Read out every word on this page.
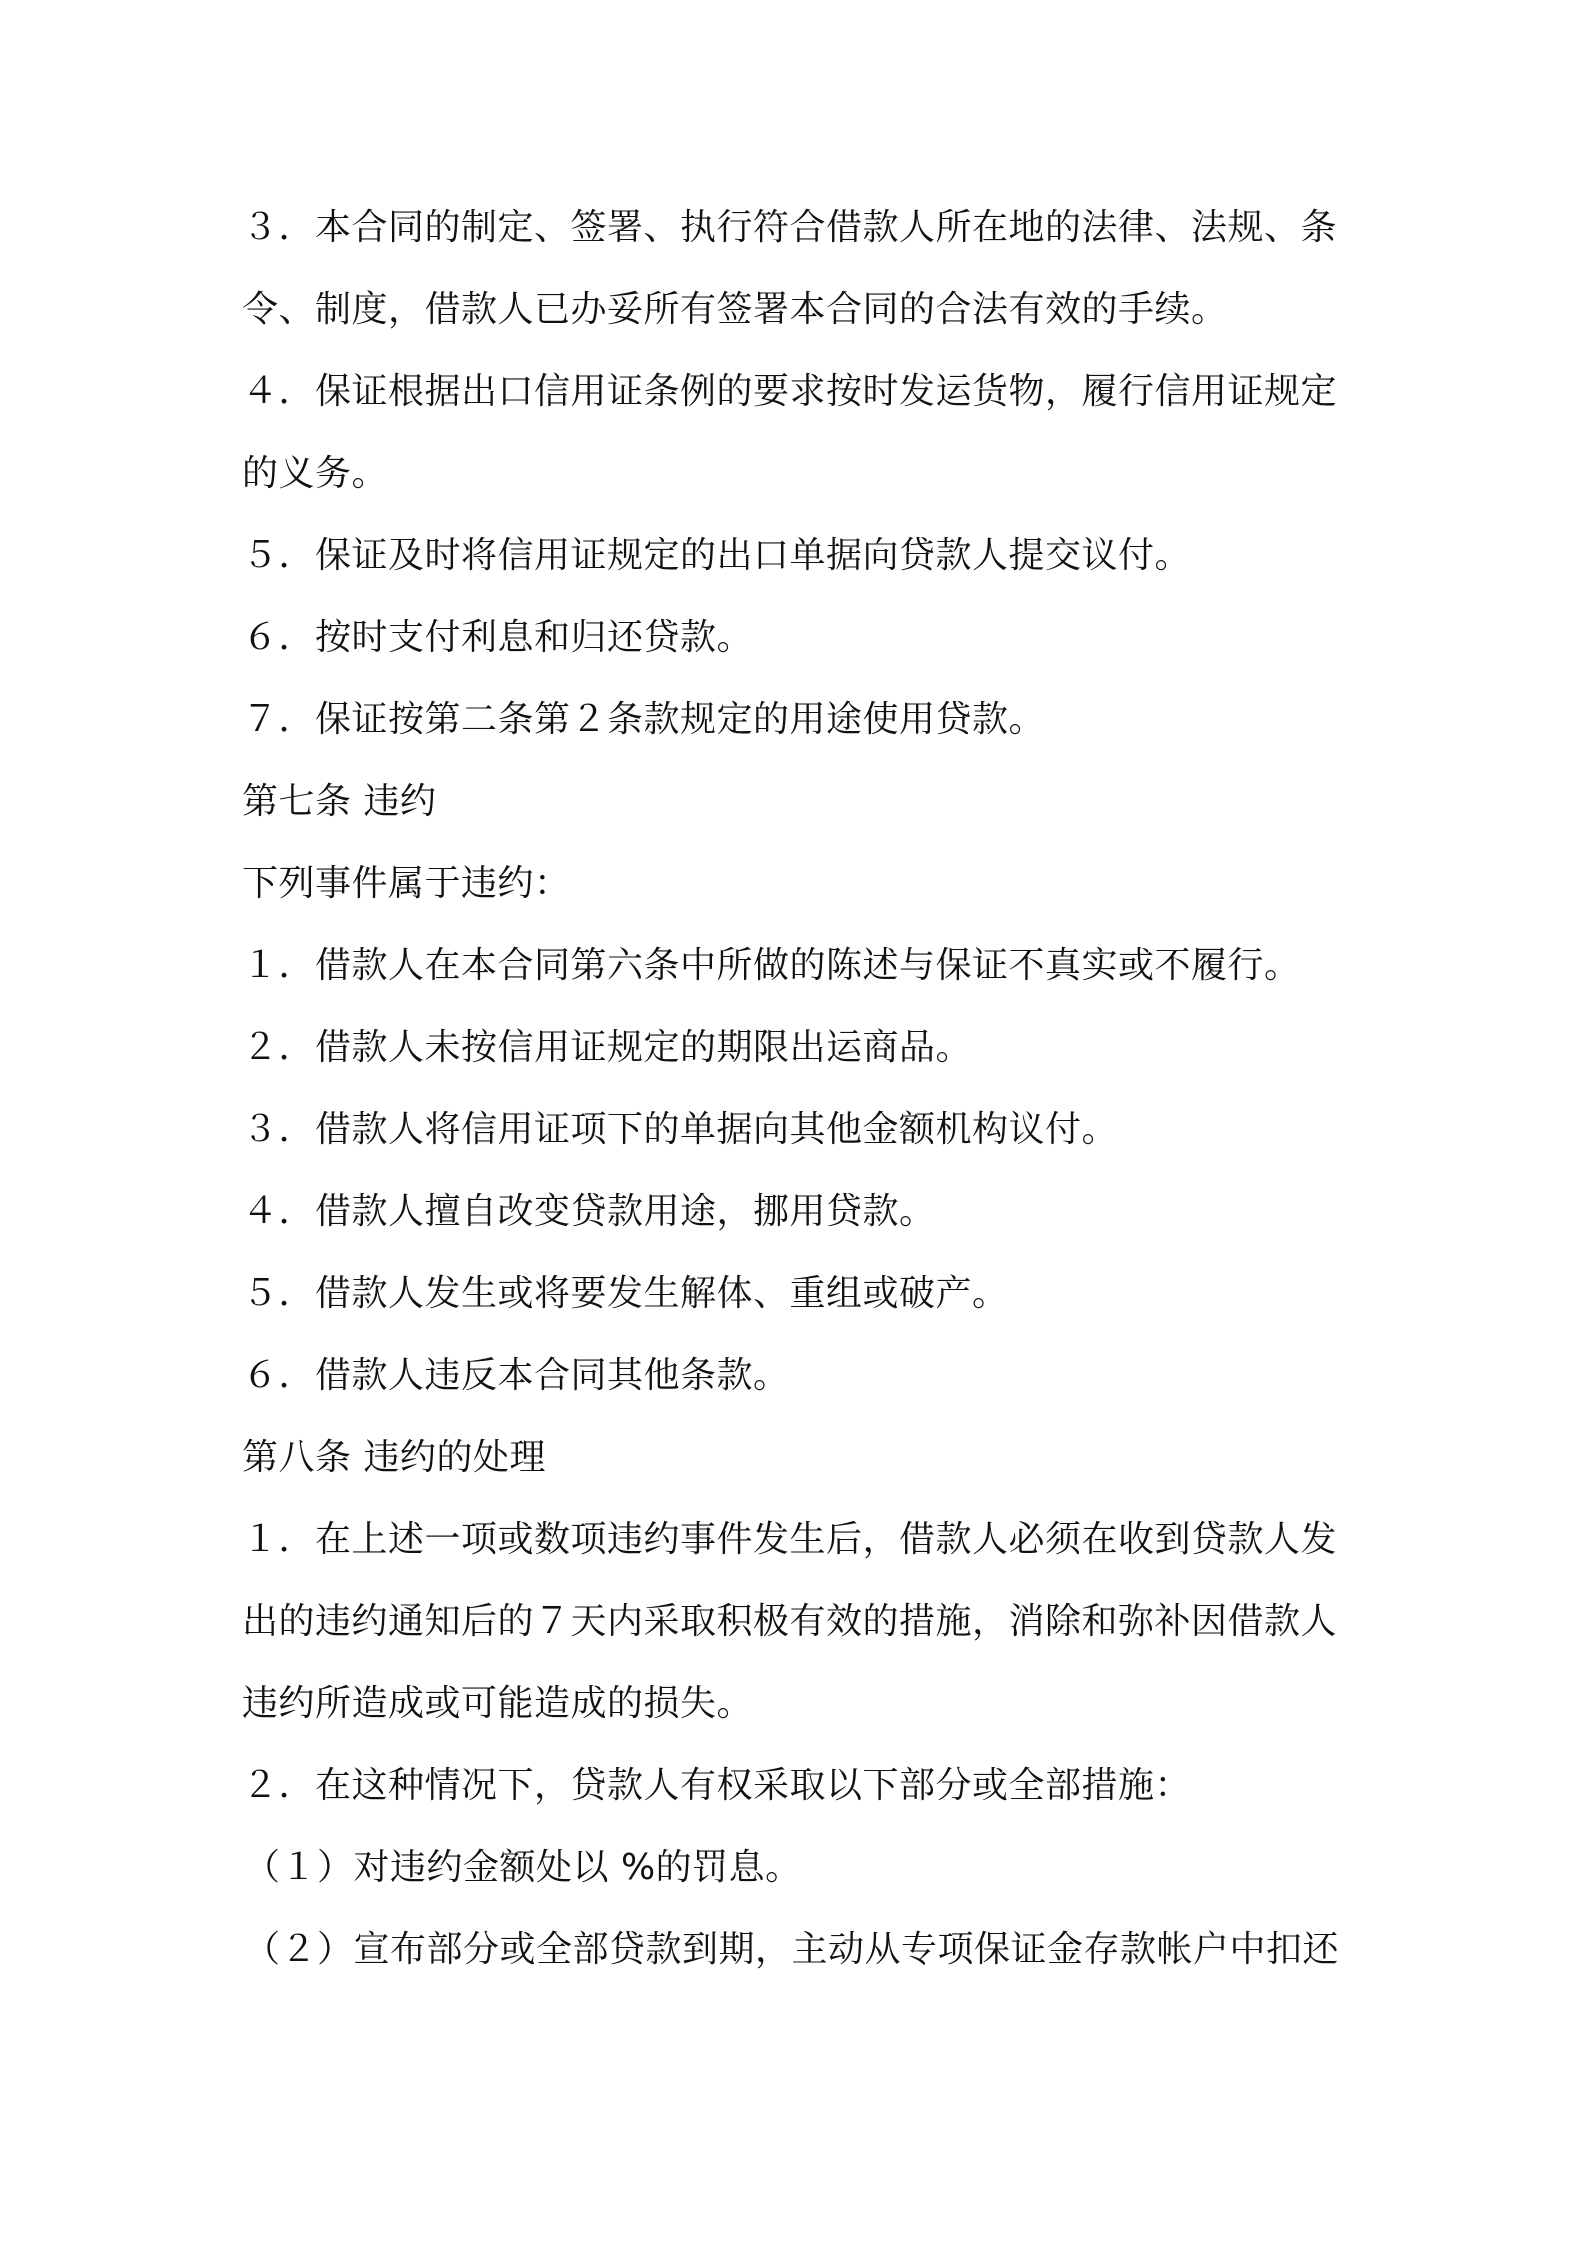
３．本合同的制定、签署、执行符合借款人所在地的法律、法规、条
令、制度，借款人已办妥所有签署本合同的合法有效的手续。
４．保证根据出口信用证条例的要求按时发运货物，履行信用证规定
的义务。
５．保证及时将信用证规定的出口单据向贷款人提交议付。
６．按时支付利息和归还贷款。
７．保证按第二条第２条款规定的用途使用贷款。
第七条 违约
下列事件属于违约：
１．借款人在本合同第六条中所做的陈述与保证不真实或不履行。
２．借款人未按信用证规定的期限出运商品。
３．借款人将信用证项下的单据向其他金额机构议付。
４．借款人擅自改变贷款用途，挪用贷款。
５．借款人发生或将要发生解体、重组或破产。
６．借款人违反本合同其他条款。
第八条 违约的处理
１．在上述一项或数项违约事件发生后，借款人必须在收到贷款人发
出的违约通知后的７天内采取积极有效的措施，消除和弥补因借款人
违约所造成或可能造成的损失。
２．在这种情况下，贷款人有权采取以下部分或全部措施：
（１）对违约金额处以 %的罚息。
（２）宣布部分或全部贷款到期，主动从专项保证金存款帐户中扣还
